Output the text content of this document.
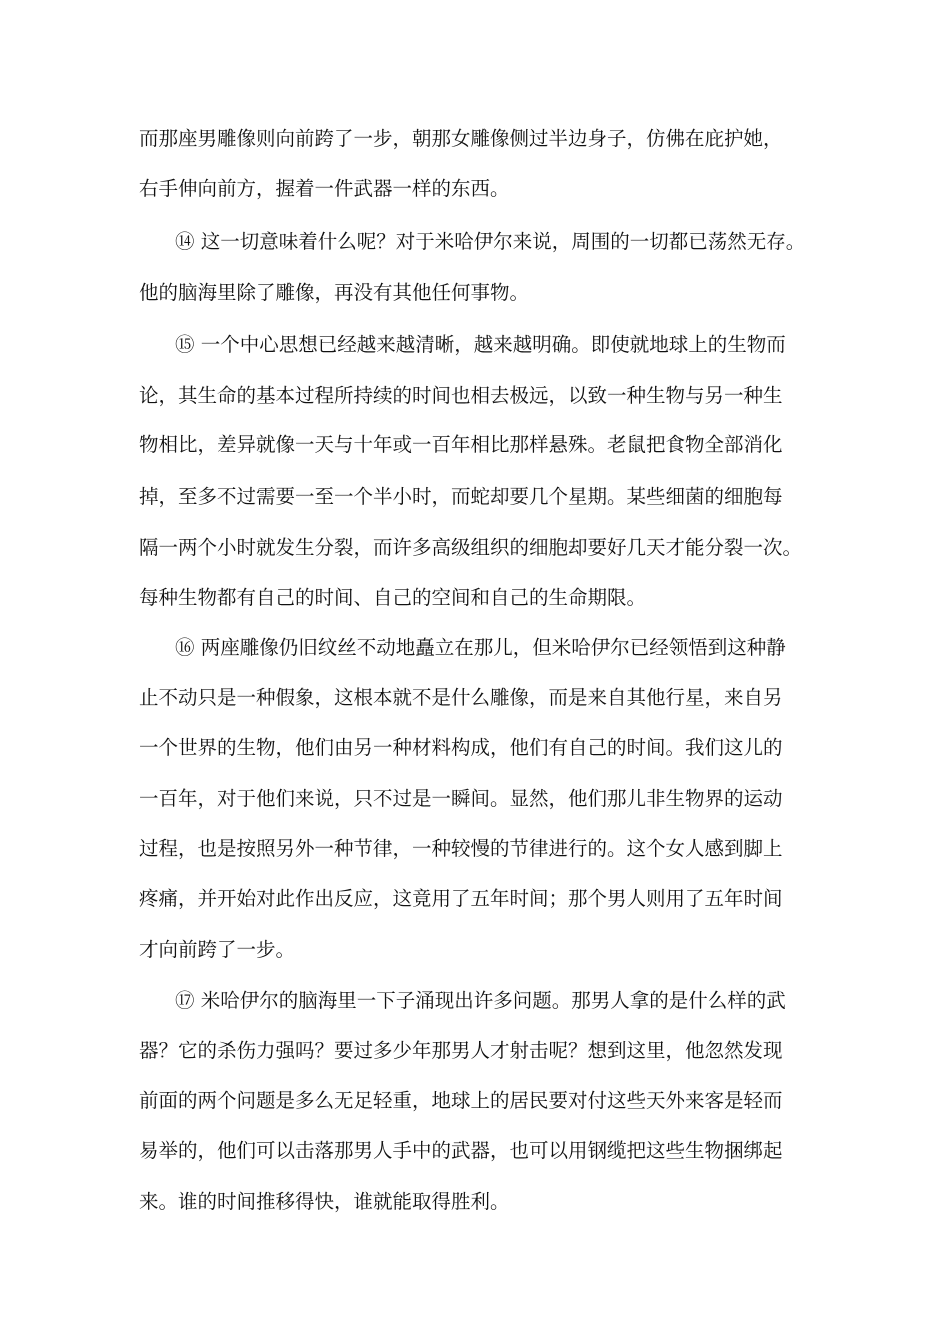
而那座男雕像则向前跨了一步，朝那女雕像侧过半边身子，仿佛在庇护她，

右手伸向前方，握着一件武器一样的东西。

⑭ 这一切意味着什么呢？对于米哈伊尔来说，周围的一切都已荡然无存。

他的脑海里除了雕像，再没有其他任何事物。

⑮ 一个中心思想已经越来越清晰，越来越明确。即使就地球上的生物而

论，其生命的基本过程所持续的时间也相去极远，以致一种生物与另一种生

物相比，差异就像一天与十年或一百年相比那样悬殊。老鼠把食物全部消化

掉，至多不过需要一至一个半小时，而蛇却要几个星期。某些细菌的细胞每

隔一两个小时就发生分裂，而许多高级组织的细胞却要好几天才能分裂一次。

每种生物都有自己的时间、自己的空间和自己的生命期限。

⑯ 两座雕像仍旧纹丝不动地矗立在那儿，但米哈伊尔已经领悟到这种静

止不动只是一种假象，这根本就不是什么雕像，而是来自其他行星，来自另

一个世界的生物，他们由另一种材料构成，他们有自己的时间。我们这儿的

一百年，对于他们来说，只不过是一瞬间。显然，他们那儿非生物界的运动

过程，也是按照另外一种节律，一种较慢的节律进行的。这个女人感到脚上

疼痛，并开始对此作出反应，这竟用了五年时间；那个男人则用了五年时间

才向前跨了一步。

⑰ 米哈伊尔的脑海里一下子涌现出许多问题。那男人拿的是什么样的武

器？它的杀伤力强吗？要过多少年那男人才射击呢？想到这里，他忽然发现

前面的两个问题是多么无足轻重，地球上的居民要对付这些天外来客是轻而

易举的，他们可以击落那男人手中的武器，也可以用钢缆把这些生物捆绑起

来。谁的时间推移得快，谁就能取得胜利。
